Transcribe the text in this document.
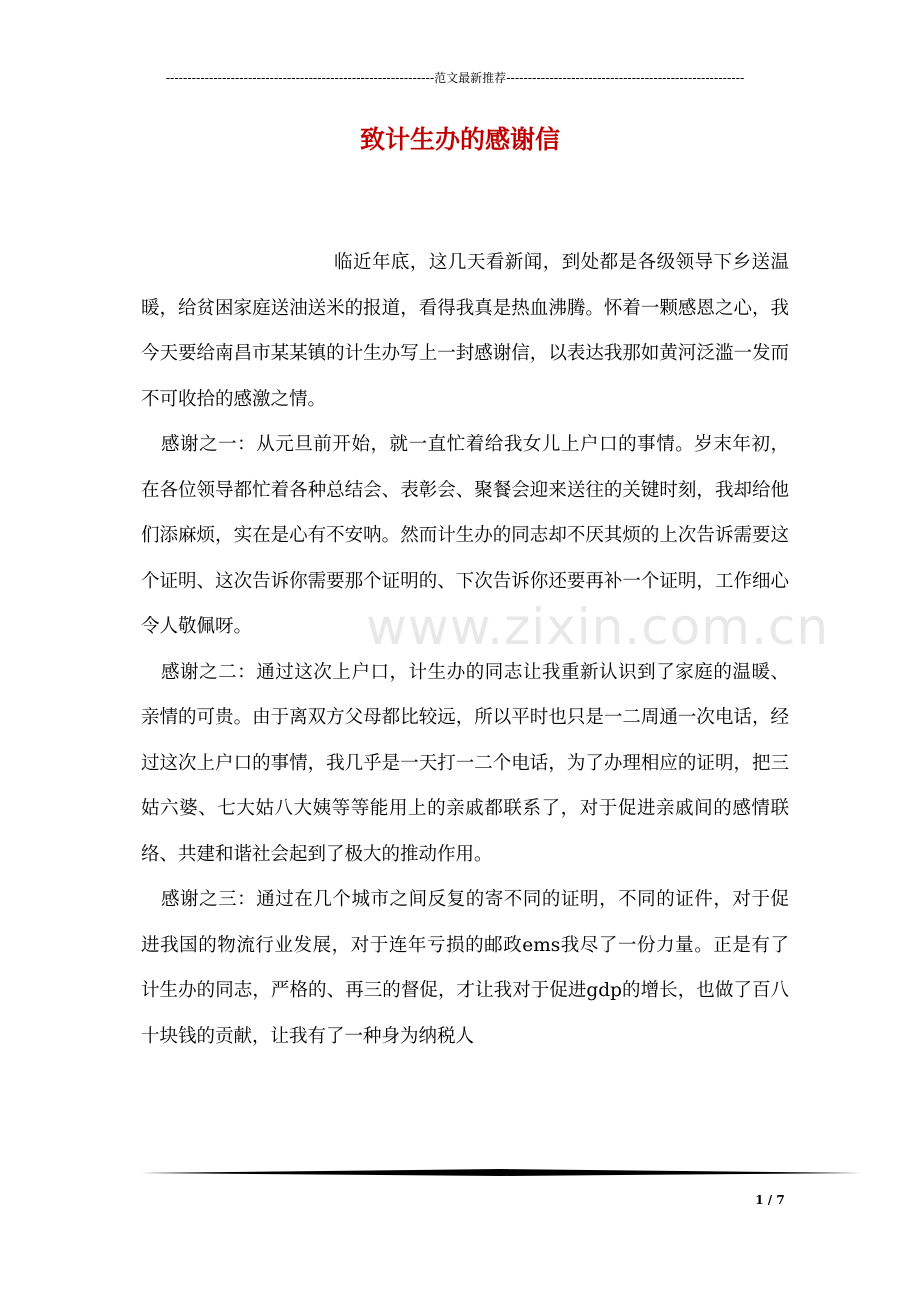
--------------------------------------------------------------范文最新推荐-------------------------------------------------------
致计生办的感谢信
www.zixin.com.cn

临近年底，这几天看新闻，到处都是各级领导下乡送温暖，给贫困家庭送油送米的报道，看得我真是热血沸腾。怀着一颗感恩之心，我今天要给南昌市某某镇的计生办写上一封感谢信，以表达我那如黄河泛滥一发而不可收拾的感激之情。

感谢之一：从元旦前开始，就一直忙着给我女儿上户口的事情。岁末年初，在各位领导都忙着各种总结会、表彰会、聚餐会迎来送往的关键时刻，我却给他们添麻烦，实在是心有不安呐。然而计生办的同志却不厌其烦的上次告诉需要这个证明、这次告诉你需要那个证明的、下次告诉你还要再补一个证明，工作细心令人敬佩呀。

感谢之二：通过这次上户口，计生办的同志让我重新认识到了家庭的温暖、亲情的可贵。由于离双方父母都比较远，所以平时也只是一二周通一次电话，经过这次上户口的事情，我几乎是一天打一二个电话，为了办理相应的证明，把三姑六婆、七大姑八大姨等等能用上的亲戚都联系了，对于促进亲戚间的感情联络、共建和谐社会起到了极大的推动作用。

感谢之三：通过在几个城市之间反复的寄不同的证明，不同的证件，对于促进我国的物流行业发展，对于连年亏损的邮政ems我尽了一份力量。正是有了计生办的同志，严格的、再三的督促，才让我对于促进gdp的增长，也做了百八十块钱的贡献，让我有了一种身为纳税人

1 / 7
